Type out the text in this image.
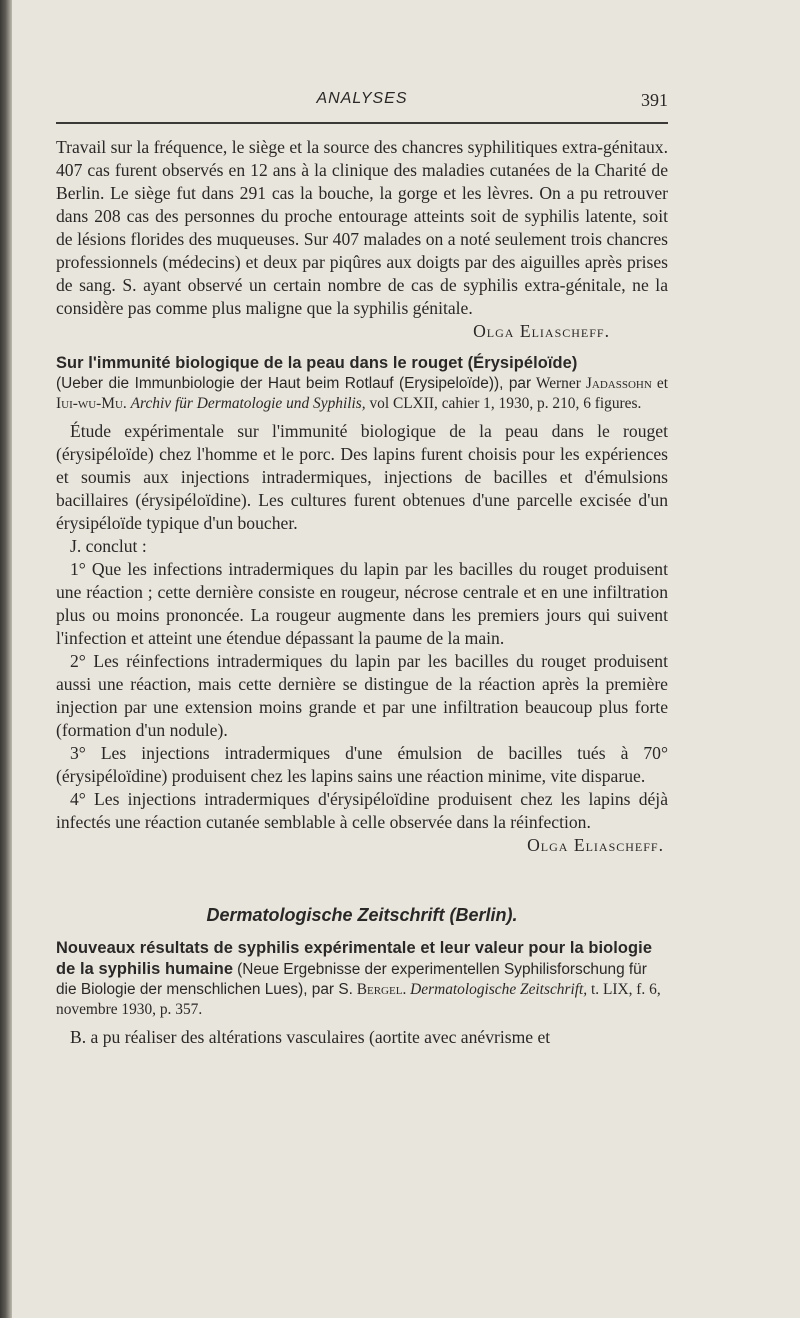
ANALYSES	391

Travail sur la fréquence, le siège et la source des chancres syphilitiques extra-génitaux. 407 cas furent observés en 12 ans à la clinique des maladies cutanées de la Charité de Berlin. Le siège fut dans 291 cas la bouche, la gorge et les lèvres. On a pu retrouver dans 208 cas des personnes du proche entourage atteints soit de syphilis latente, soit de lésions florides des muqueuses. Sur 407 malades on a noté seulement trois chancres professionnels (médecins) et deux par piqûres aux doigts par des aiguilles après prises de sang. S. ayant observé un certain nombre de cas de syphilis extra-génitale, ne la considère pas comme plus maligne que la syphilis génitale.

Olga Eliascheff.
Sur l'immunité biologique de la peau dans le rouget (Érysipéloïde)
(Ueber die Immunbiologie der Haut beim Rotlauf (Erysipeloïde)), par Werner Jadassohn et Iui-wu-Mu. Archiv für Dermatologie und Syphilis, vol CLXII, cahier 1, 1930, p. 210, 6 figures.

Étude expérimentale sur l'immunité biologique de la peau dans le rouget (érysipéloïde) chez l'homme et le porc. Des lapins furent choisis pour les expériences et soumis aux injections intradermiques, injections de bacilles et d'émulsions bacillaires (érysipéloïdine). Les cultures furent obtenues d'une parcelle excisée d'un érysipéloïde typique d'un boucher.

J. conclut :

1° Que les infections intradermiques du lapin par les bacilles du rouget produisent une réaction ; cette dernière consiste en rougeur, nécrose centrale et en une infiltration plus ou moins prononcée. La rougeur augmente dans les premiers jours qui suivent l'infection et atteint une étendue dépassant la paume de la main.

2° Les réinfections intradermiques du lapin par les bacilles du rouget produisent aussi une réaction, mais cette dernière se distingue de la réaction après la première injection par une extension moins grande et par une infiltration beaucoup plus forte (formation d'un nodule).

3° Les injections intradermiques d'une émulsion de bacilles tués à 70° (érysipéloïdine) produisent chez les lapins sains une réaction minime, vite disparue.

4° Les injections intradermiques d'érysipéloïdine produisent chez les lapins déjà infectés une réaction cutanée semblable à celle observée dans la réinfection.

Olga Eliascheff.
Dermatologische Zeitschrift (Berlin).
Nouveaux résultats de syphilis expérimentale et leur valeur pour la biologie de la syphilis humaine (Neue Ergebnisse der experimentellen Syphilisforschung für die Biologie der menschlichen Lues), par S. Bergel. Dermatologische Zeitschrift, t. LIX, f. 6, novembre 1930, p. 357.

B. a pu réaliser des altérations vasculaires (aortite avec anévrisme et
